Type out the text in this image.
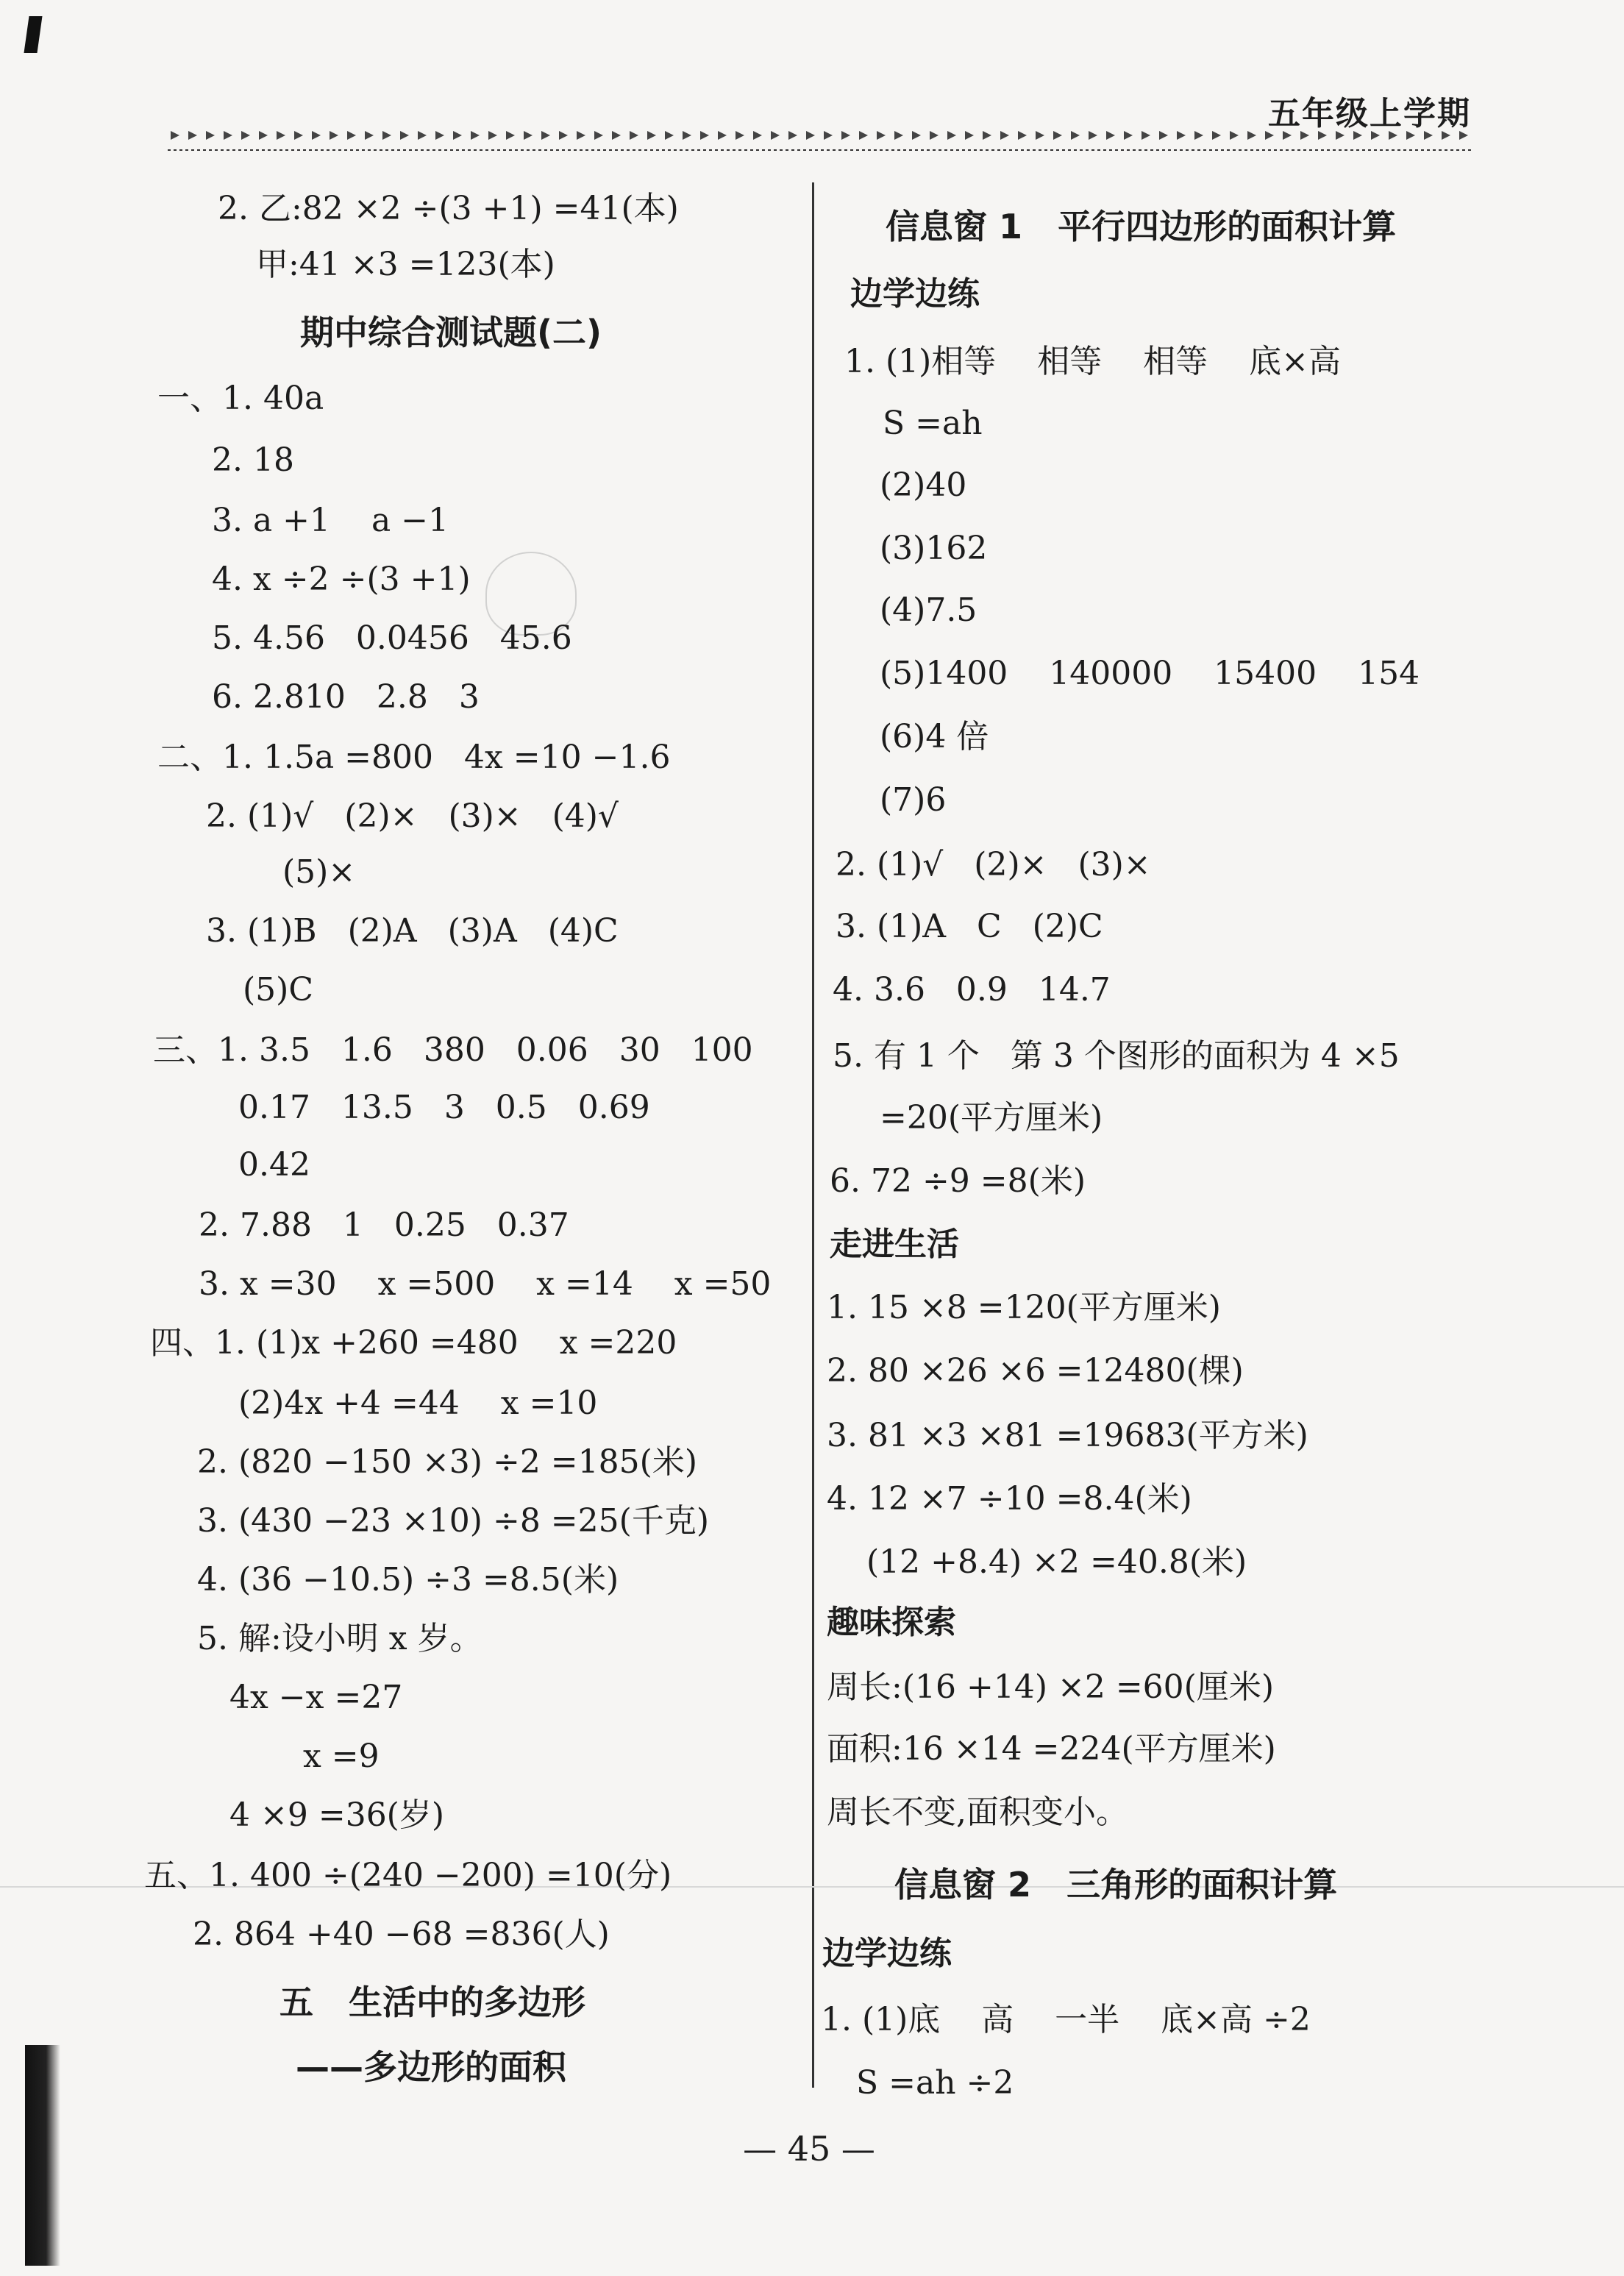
五年级上学期
2. 乙:82 ×2 ÷(3 +1) =41(本)
甲:41 ×3 =123(本)
期中综合测试题(二)
一、1. 40a
2. 18
3. a +1    a −1
4. x ÷2 ÷(3 +1)
5. 4.56   0.0456   45.6
6. 2.810   2.8   3
二、1. 1.5a =800   4x =10 −1.6
2. (1)√   (2)×   (3)×   (4)√
(5)×
3. (1)B   (2)A   (3)A   (4)C
(5)C
三、1. 3.5   1.6   380   0.06   30   100
0.17   13.5   3   0.5   0.69
0.42
2. 7.88   1   0.25   0.37
3. x =30    x =500    x =14    x =50
四、1. (1)x +260 =480    x =220
(2)4x +4 =44    x =10
2. (820 −150 ×3) ÷2 =185(米)
3. (430 −23 ×10) ÷8 =25(千克)
4. (36 −10.5) ÷3 =8.5(米)
5. 解:设小明 x 岁。
4x −x =27
x =9
4 ×9 =36(岁)
五、1. 400 ÷(240 −200) =10(分)
2. 864 +40 −68 =836(人)
五   生活中的多边形
——多边形的面积
信息窗 1   平行四边形的面积计算
边学边练
1. (1)相等    相等    相等    底×高
S =ah
(2)40
(3)162
(4)7.5
(5)1400    140000    15400    154
(6)4 倍
(7)6
2. (1)√   (2)×   (3)×
3. (1)A   C   (2)C
4. 3.6   0.9   14.7
5. 有 1 个   第 3 个图形的面积为 4 ×5
=20(平方厘米)
6. 72 ÷9 =8(米)
走进生活
1. 15 ×8 =120(平方厘米)
2. 80 ×26 ×6 =12480(棵)
3. 81 ×3 ×81 =19683(平方米)
4. 12 ×7 ÷10 =8.4(米)
(12 +8.4) ×2 =40.8(米)
趣味探索
周长:(16 +14) ×2 =60(厘米)
面积:16 ×14 =224(平方厘米)
周长不变,面积变小。
信息窗 2   三角形的面积计算
边学边练
1. (1)底    高    一半    底×高 ÷2
S =ah ÷2
— 45 —
